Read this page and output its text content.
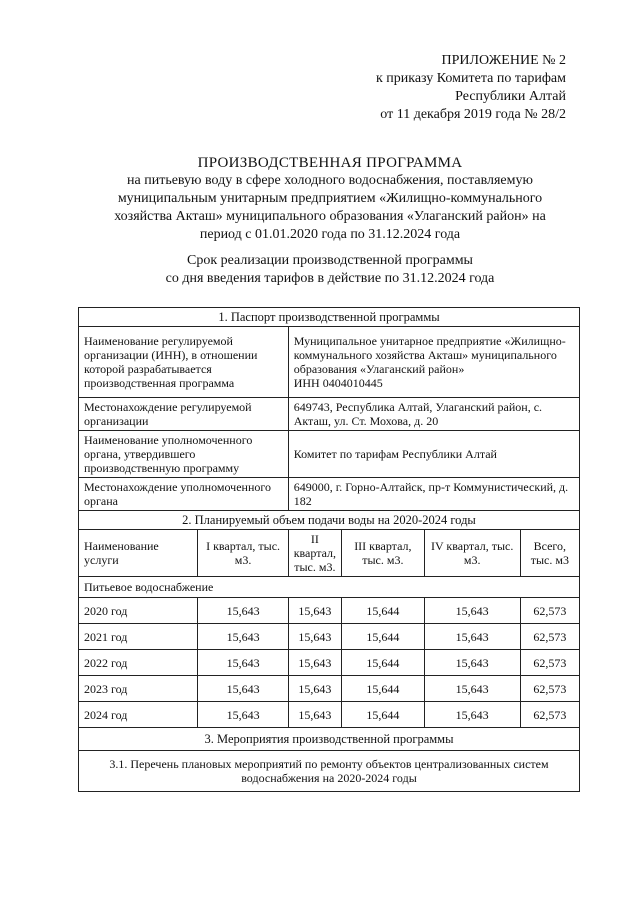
ПРИЛОЖЕНИЕ № 2
к приказу Комитета по тарифам
Республики Алтай
от 11 декабря 2019 года № 28/2
ПРОИЗВОДСТВЕННАЯ ПРОГРАММА
на питьевую воду в сфере холодного водоснабжения, поставляемую
муниципальным унитарным предприятием «Жилищно-коммунального
хозяйства Акташ» муниципального образования «Улаганский район» на
период с 01.01.2020 года по 31.12.2024 года
Срок реализации производственной программы
со дня введения тарифов в действие по 31.12.2024 года
1. Паспорт производственной программы					
Наименование регулируемой организации (ИНН), в отношении которой разрабатывается производственная программа		Муниципальное унитарное предприятие «Жилищно-коммунального хозяйства Акташ» муниципального образования «Улаганский район»
ИНН 0404010445			

Местонахождение регулируемой организации		649743, Республика Алтай, Улаганский район, с. Акташ, ул. Ст. Мохова, д. 20			
Наименование уполномоченного органа, утвердившего производственную программу		Комитет по тарифам Республики Алтай			
Местонахождение уполномоченного органа		649000, г. Горно-Алтайск, пр-т Коммунистический, д. 182			
2. Планируемый объем подачи воды на 2020-2024 годы					
Наименование услуги	I квартал, тыс. м3.	II квартал, тыс. м3.	III квартал, тыс. м3.	IV квартал, тыс. м3.	Всего, тыс. м3
Питьевое водоснабжение					
2020 год	15,643	15,643	15,644	15,643	62,573
2021 год	15,643	15,643	15,644	15,643	62,573
2022 год	15,643	15,643	15,644	15,643	62,573
2023 год	15,643	15,643	15,644	15,643	62,573
2024 год	15,643	15,643	15,644	15,643	62,573
3. Мероприятия производственной программы					
3.1. Перечень плановых мероприятий по ремонту объектов централизованных систем водоснабжения на 2020-2024 годы					
